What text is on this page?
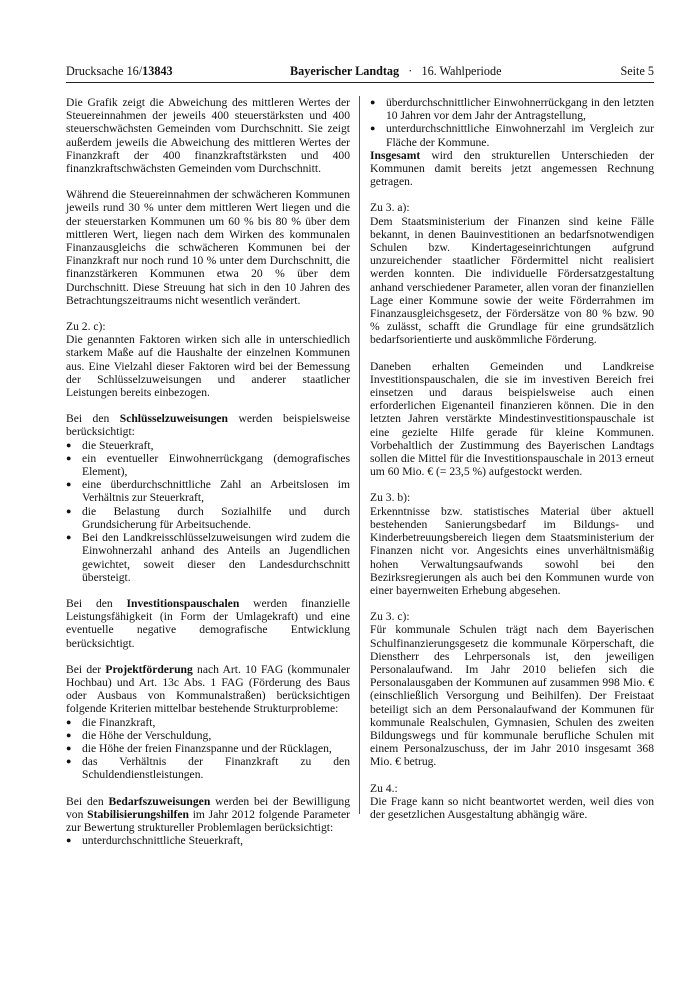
Drucksache 16/13843	Bayerischer Landtag · 16. Wahlperiode	Seite 5

Die Grafik zeigt die Abweichung des mittleren Wertes der Steuereinnahmen der jeweils 400 steuerstärksten und 400 steuerschwächsten Gemeinden vom Durchschnitt. Sie zeigt außerdem jeweils die Abweichung des mittleren Wertes der Finanzkraft der 400 finanzkraftstärksten und 400 finanzkraftschwächsten Gemeinden vom Durchschnitt.

Während die Steuereinnahmen der schwächeren Kommunen jeweils rund 30 % unter dem mittleren Wert liegen und die der steuerstarken Kommunen um 60 % bis 80 % über dem mittleren Wert, liegen nach dem Wirken des kommunalen Finanzausgleichs die schwächeren Kommunen bei der Finanzkraft nur noch rund 10 % unter dem Durchschnitt, die finanzstärkeren Kommunen etwa 20 % über dem Durchschnitt. Diese Streuung hat sich in den 10 Jahren des Betrachtungszeitraums nicht wesentlich verändert.

Zu 2. c):

Die genannten Faktoren wirken sich alle in unterschiedlich starkem Maße auf die Haushalte der einzelnen Kommunen aus. Eine Vielzahl dieser Faktoren wird bei der Bemessung der Schlüsselzuweisungen und anderer staatlicher Leistungen bereits einbezogen.

Bei den Schlüsselzuweisungen werden beispielsweise berücksichtigt:
● die Steuerkraft,
● ein eventueller Einwohnerrückgang (demografisches Element),
● eine überdurchschnittliche Zahl an Arbeitslosen im Verhältnis zur Steuerkraft,
● die Belastung durch Sozialhilfe und durch Grundsicherung für Arbeitsuchende.
● Bei den Landkreisschlüsselzuweisungen wird zudem die Einwohnerzahl anhand des Anteils an Jugendlichen gewichtet, soweit dieser den Landesdurchschnitt übersteigt.

Bei den Investitionspauschalen werden finanzielle Leistungsfähigkeit (in Form der Umlagekraft) und eine eventuelle negative demografische Entwicklung berücksichtigt.

Bei der Projektförderung nach Art. 10 FAG (kommunaler Hochbau) und Art. 13c Abs. 1 FAG (Förderung des Baus oder Ausbaus von Kommunalstraßen) berücksichtigen folgende Kriterien mittelbar bestehende Strukturprobleme:
● die Finanzkraft,
● die Höhe der Verschuldung,
● die Höhe der freien Finanzspanne und der Rücklagen,
● das Verhältnis der Finanzkraft zu den Schuldendienstleistungen.
Bei den Bedarfszuweisungen werden bei der Bewilligung von Stabilisierungshilfen im Jahr 2012 folgende Parameter zur Bewertung struktureller Problemlagen berücksichtigt:
● unterdurchschnittliche Steuerkraft,
● überdurchschnittlicher Einwohnerrückgang in den letzten 10 Jahren vor dem Jahr der Antragstellung,
● unterdurchschnittliche Einwohnerzahl im Vergleich zur Fläche der Kommune.

Insgesamt wird den strukturellen Unterschieden der Kommunen damit bereits jetzt angemessen Rechnung getragen.

Zu 3. a):

Dem Staatsministerium der Finanzen sind keine Fälle bekannt, in denen Bauinvestitionen an bedarfsnotwendigen Schulen bzw. Kindertageseinrichtungen aufgrund unzureichender staatlicher Fördermittel nicht realisiert werden konnten. Die individuelle Fördersatzgestaltung anhand verschiedener Parameter, allen voran der finanziellen Lage einer Kommune sowie der weite Förderrahmen im Finanzausgleichsgesetz, der Fördersätze von 80 % bzw. 90 % zulässt, schafft die Grundlage für eine grundsätzlich bedarfsorientierte und auskömmliche Förderung.

Daneben erhalten Gemeinden und Landkreise Investitionspauschalen, die sie im investiven Bereich frei einsetzen und daraus beispielsweise auch einen erforderlichen Eigenanteil finanzieren können. Die in den letzten Jahren verstärkte Mindestinvestitionspauschale ist eine gezielte Hilfe gerade für kleine Kommunen. Vorbehaltlich der Zustimmung des Bayerischen Landtags sollen die Mittel für die Investitionspauschale in 2013 erneut um 60 Mio. € (= 23,5 %) aufgestockt werden.

Zu 3. b):

Erkenntnisse bzw. statistisches Material über aktuell bestehenden Sanierungsbedarf im Bildungs- und Kinderbetreuungsbereich liegen dem Staatsministerium der Finanzen nicht vor. Angesichts eines unverhältnismäßig hohen Verwaltungsaufwands sowohl bei den Bezirksregierungen als auch bei den Kommunen wurde von einer bayernweiten Erhebung abgesehen.

Zu 3. c):

Für kommunale Schulen trägt nach dem Bayerischen Schulfinanzierungsgesetz die kommunale Körperschaft, die Dienstherr des Lehrpersonals ist, den jeweiligen Personalaufwand. Im Jahr 2010 beliefen sich die Personalausgaben der Kommunen auf zusammen 998 Mio. € (einschließlich Versorgung und Beihilfen). Der Freistaat beteiligt sich an dem Personalaufwand der Kommunen für kommunale Realschulen, Gymnasien, Schulen des zweiten Bildungswegs und für kommunale berufliche Schulen mit einem Personalzuschuss, der im Jahr 2010 insgesamt 368 Mio. € betrug.

Zu 4.:

Die Frage kann so nicht beantwortet werden, weil dies von der gesetzlichen Ausgestaltung abhängig wäre.
